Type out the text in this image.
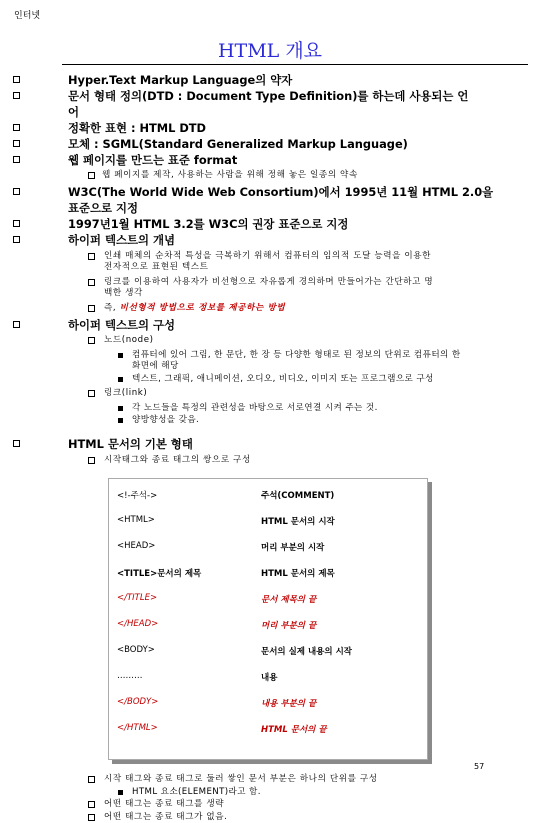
인터넷
HTML 개요
Hyper.Text Markup Language의 약자
문서 형태 정의(DTD : Document Type Definition)를 하는데 사용되는 언
어
정확한 표현 : HTML DTD
모체 : SGML(Standard Generalized Markup Language)
웹 페이지를 만드는 표준 format
웹 페이지를 제작, 사용하는 사람을 위해 정해 놓은 일종의 약속
W3C(The World Wide Web Consortium)에서 1995년 11월 HTML 2.0을
표준으로 지정
1997년1월 HTML 3.2를 W3C의 권장 표준으로 지정
하이퍼 텍스트의 개념
인쇄 매체의 순차적 특성을 극복하기 위해서 컴퓨터의 임의적 도달 능력을 이용한
전자적으로 표현된 텍스트
링크를 이용하여 사용자가 비선형으로 자유롭게 경의하며 만들어가는 간단하고 명
백한 생각
즉, 비선형적 방법으로 정보를 제공하는 방법
하이퍼 텍스트의 구성
노드(node)
컴퓨터에 있어 그림, 한 문단, 한 장 등 다양한 형태로 된 정보의 단위로 컴퓨터의 한
화면에 해당
텍스트, 그래픽, 애니메이션, 오디오, 비디오, 이미지 또는 프로그램으로 구성
링크(link)
각 노드들을 특정의 관련성을 바탕으로 서로연결 시켜 주는 것.
양방향성을 갖음.
HTML 문서의 기본 형태
시작태그와 종료 태그의 쌍으로 구성
<!-주석->	주석(COMMENT)
<HTML>	HTML 문서의 시작
<HEAD>	머리 부분의 시작
<TITLE>문서의 제목	HTML 문서의 제목
</TITLE>	문서 제목의 끝
</HEAD>	머리 부분의 끝
<BODY>	문서의 실제 내용의 시작
………	내용
</BODY>	내용 부분의 끝
</HTML>	HTML 문서의 끝
시작 태그와 종료 태그로 둘러 쌓인 문서 부분은 하나의 단위를 구성
HTML 요소(ELEMENT)라고 함.
어떤 태그는 종료 태그를 생략
어떤 태그는 종료 태그가 없음.
57
